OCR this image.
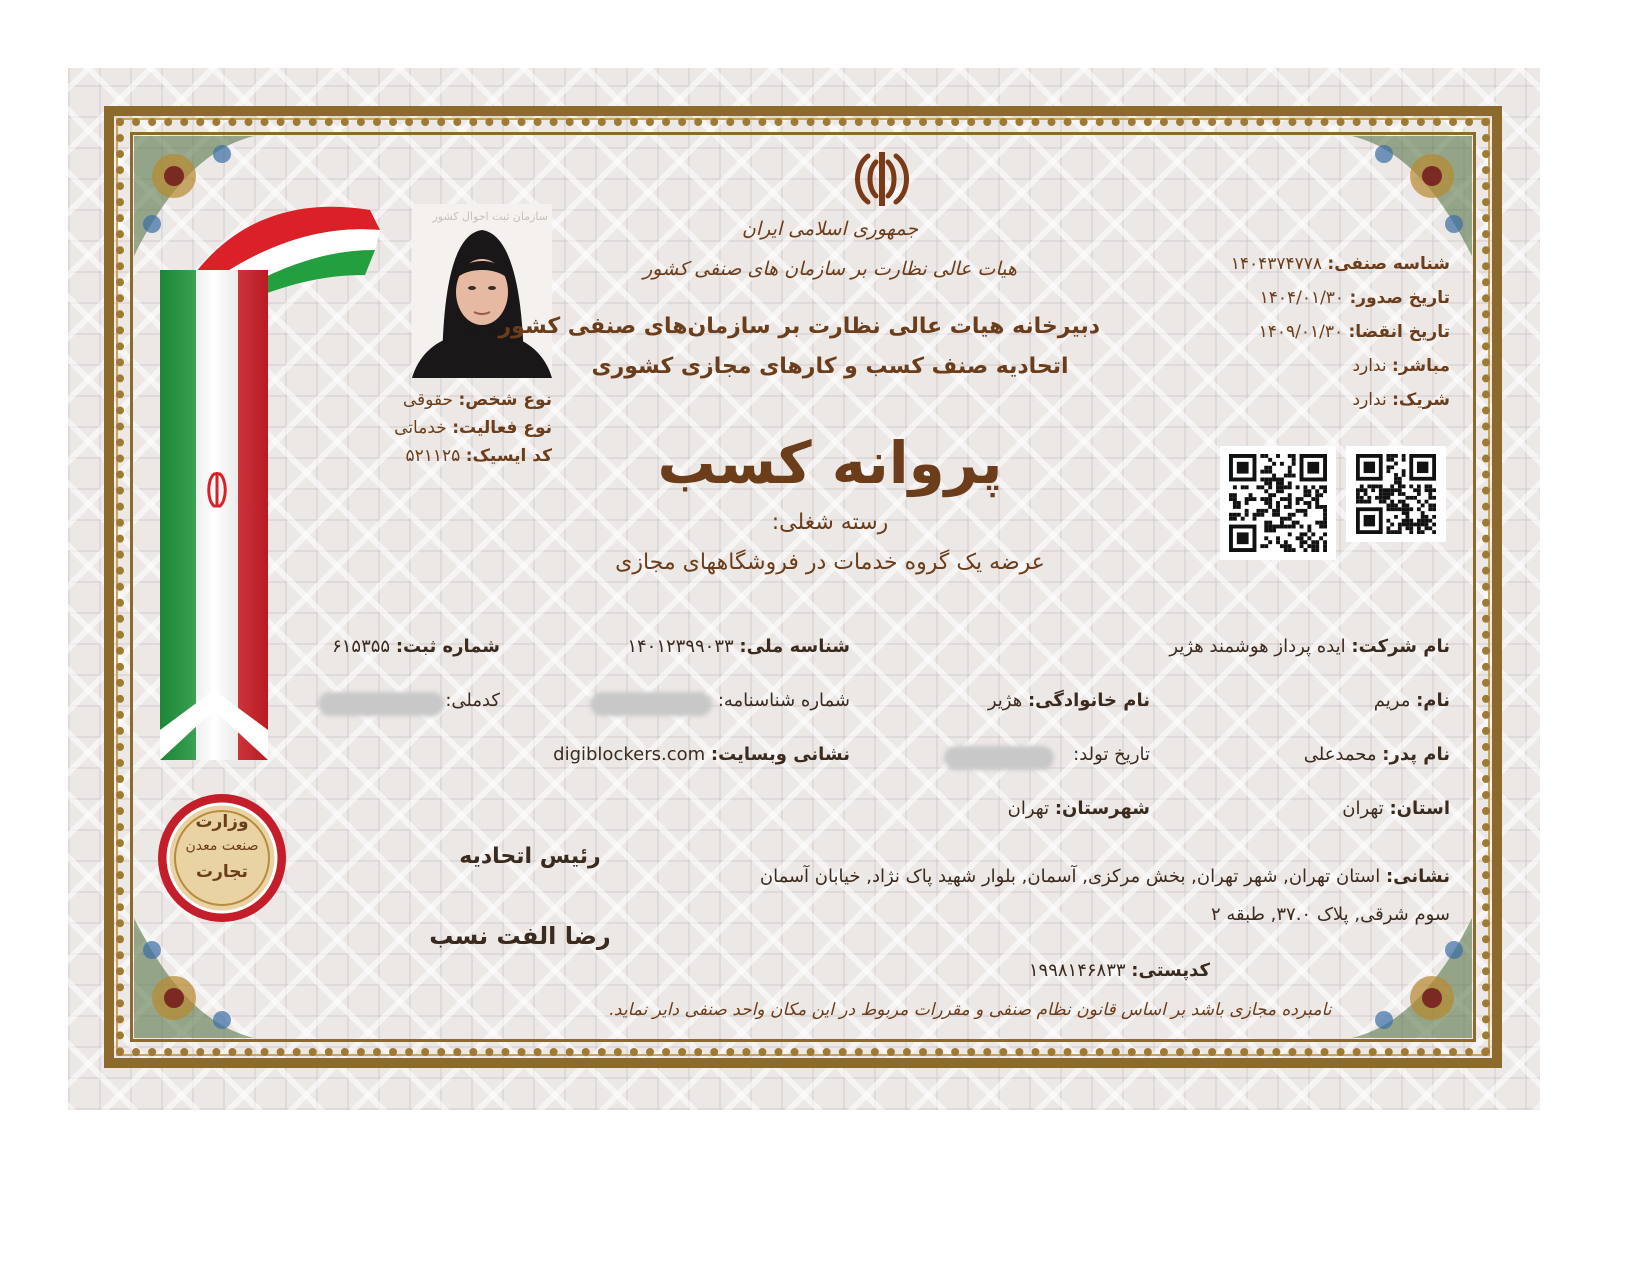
وزارت
صنعت معدن
تجارت
سازمان ثبت احوال کشور
نوع شخص: حقوقی
نوع فعالیت: خدماتی
کد ایسیک: ۵۲۱۱۲۵
جمهوری اسلامی ایران
هیات عالی نظارت بر سازمان های صنفی کشور
دبیرخانه هیات عالی نظارت بر سازمان‌های صنفی کشور
اتحادیه صنف کسب و کارهای مجازی کشوری
پروانه کسب
رسته شغلی:
عرضه یک گروه خدمات در فروشگاههای مجازی
شناسه صنفی: ۱۴۰۴۳۷۴۷۷۸
تاریخ صدور: ۱۴۰۴/۰۱/۳۰
تاریخ انقضا: ۱۴۰۹/۰۱/۳۰
مباشر: ندارد
شریک: ندارد
نام شرکت: ایده پرداز هوشمند هژیر
شناسه ملی: ۱۴۰۱۲۳۹۹۰۳۳
شماره ثبت: ۶۱۵۳۵۵
نام: مریم
نام خانوادگی: هژیر
شماره شناسنامه:
کدملی:
نام پدر: محمدعلی
تاریخ تولد:
نشانی وبسایت: digiblockers.com
استان: تهران
شهرستان: تهران
نشانی: استان تهران, شهر تهران, بخش مرکزی, آسمان, بلوار شهید پاک نژاد, خیابان آسمان
سوم شرقی, پلاک ۳۷.۰, طبقه ۲
کدپستی: ۱۹۹۸۱۴۶۸۳۳
رئیس اتحادیه
رضا الفت نسب
نامبرده مجازی باشد بر اساس قانون نظام صنفی و مقررات مربوط در این مکان واحد صنفی دایر نماید.
